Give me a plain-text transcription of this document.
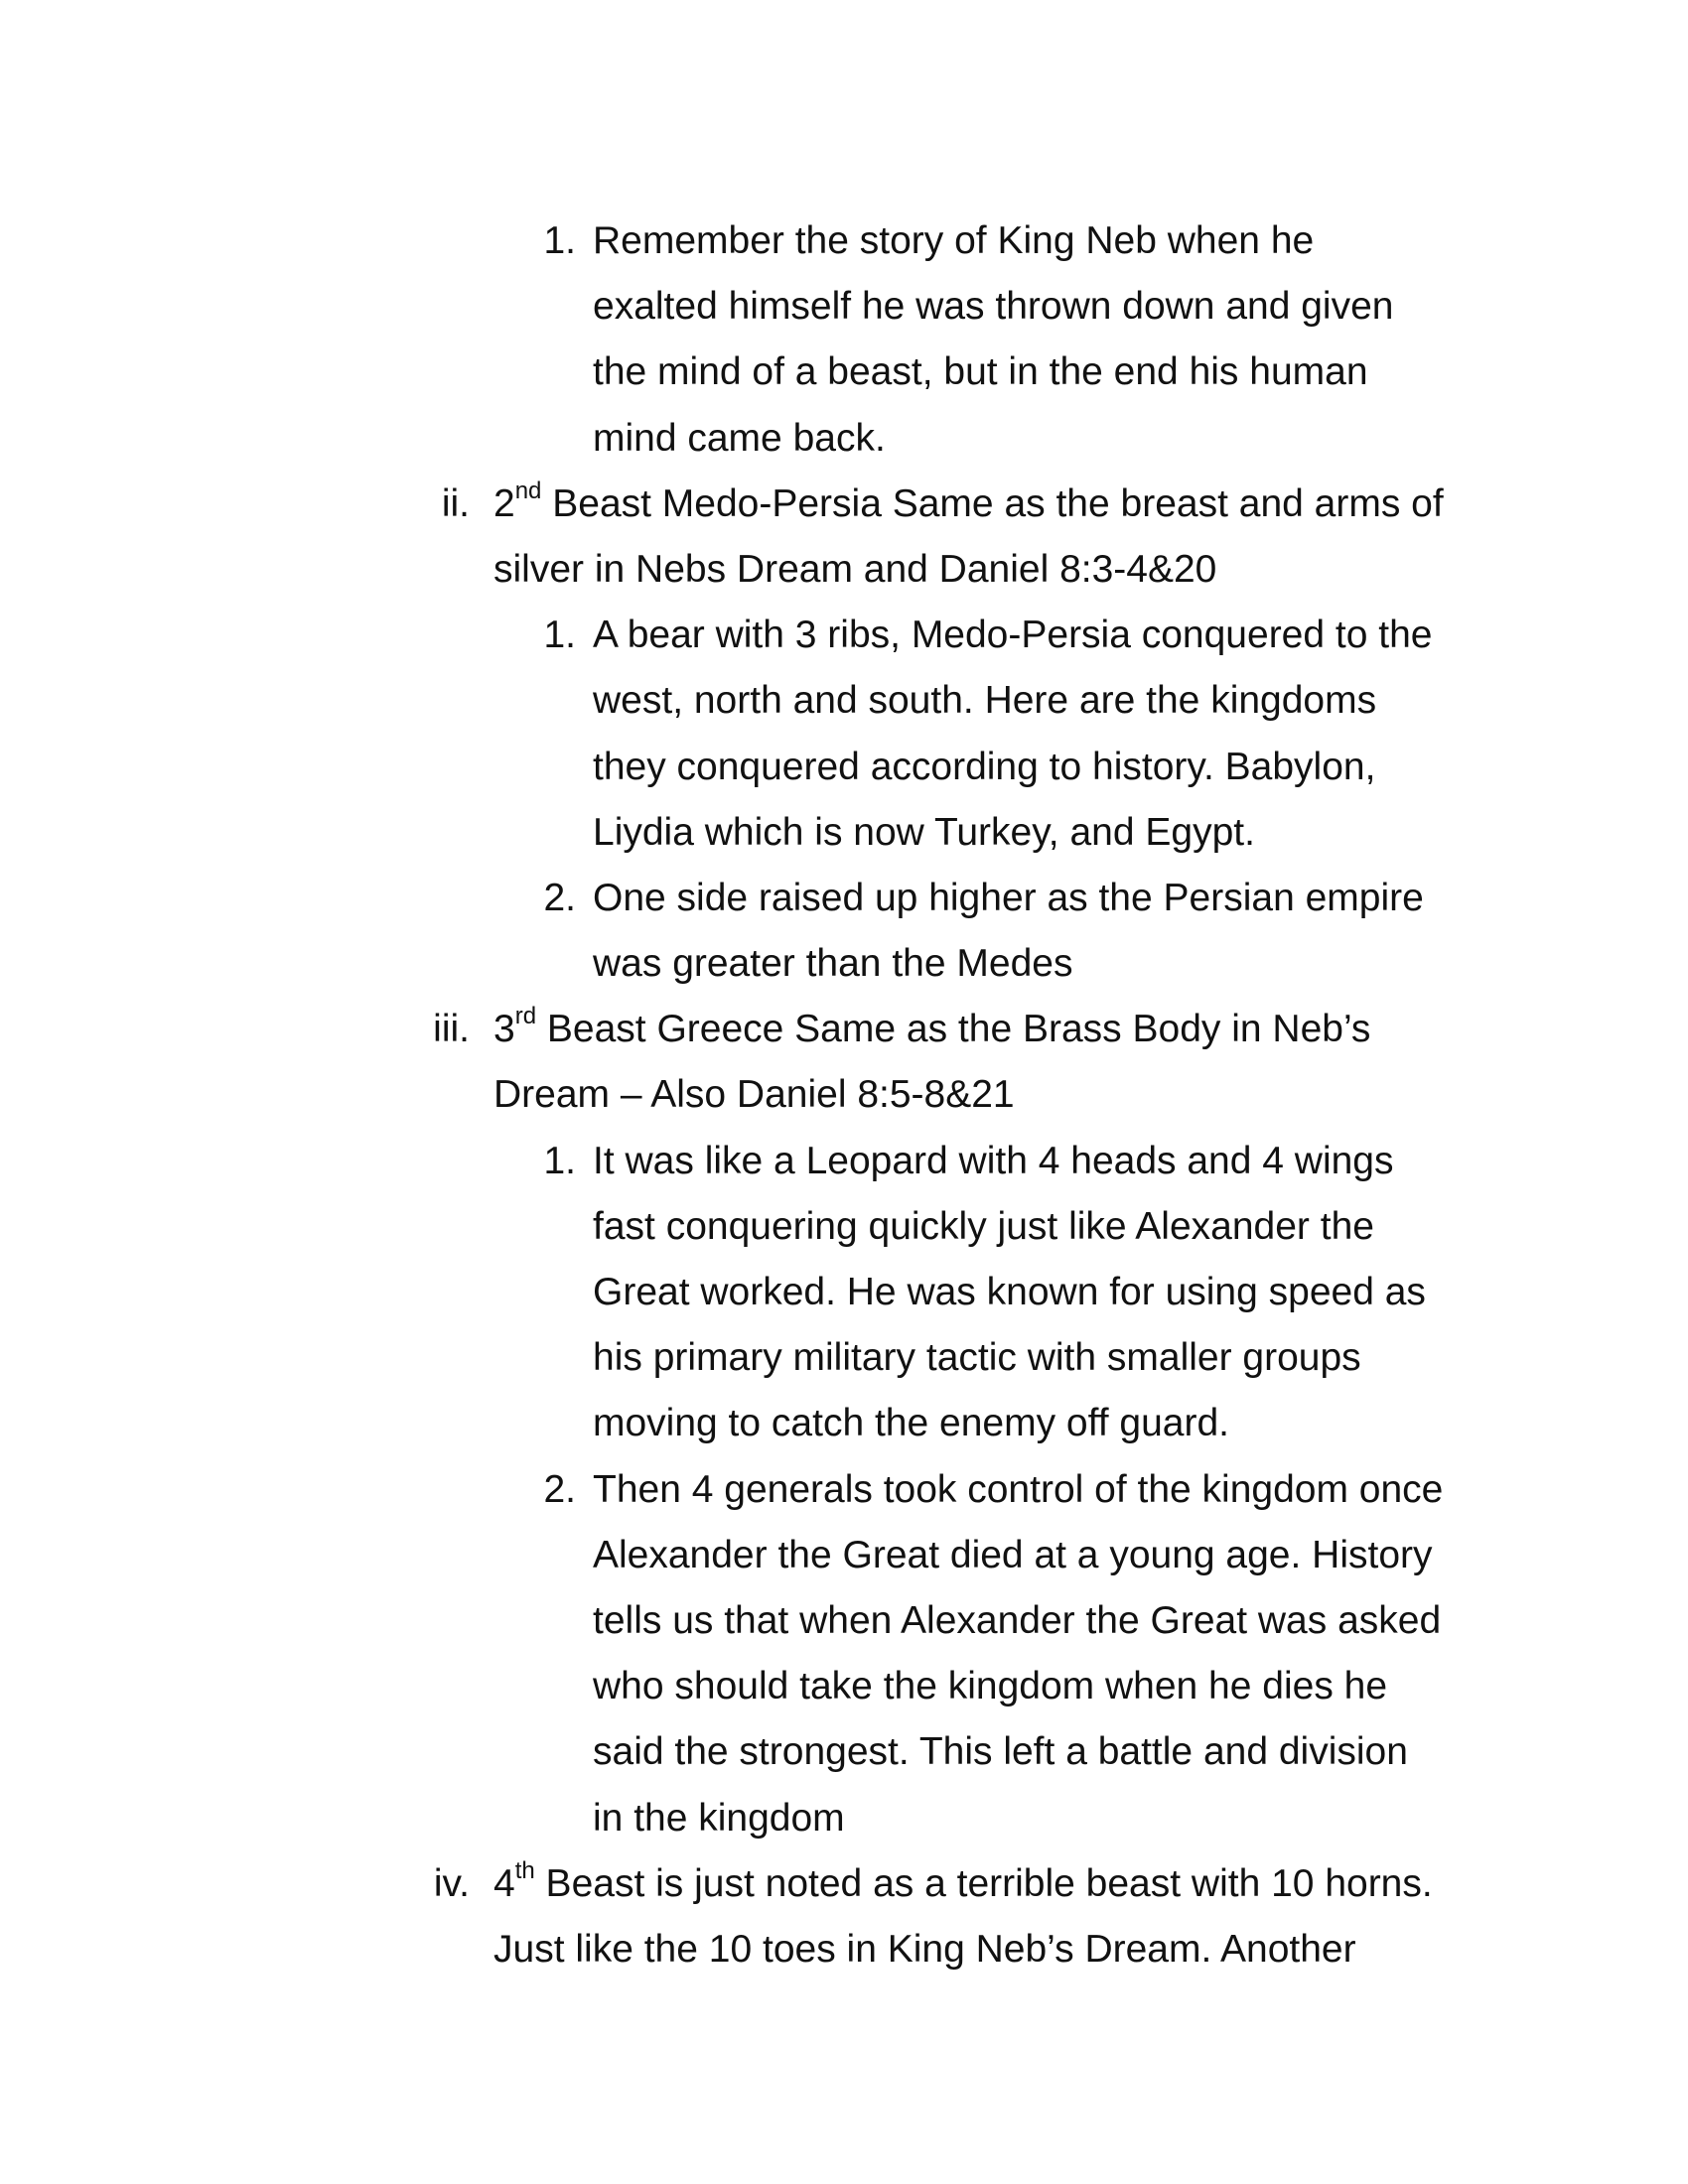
1. Remember the story of King Neb when he
exalted himself he was thrown down and given
the mind of a beast, but in the end his human
mind came back.
ii. 2nd Beast Medo-Persia Same as the breast and arms of
silver in Nebs Dream and Daniel 8:3-4&20
1. A bear with 3 ribs, Medo-Persia conquered to the
west, north and south. Here are the kingdoms
they conquered according to history. Babylon,
Liydia which is now Turkey, and Egypt.
2. One side raised up higher as the Persian empire
was greater than the Medes
iii. 3rd Beast Greece Same as the Brass Body in Neb’s
Dream – Also Daniel 8:5-8&21
1. It was like a Leopard with 4 heads and 4 wings
fast conquering quickly just like Alexander the
Great worked. He was known for using speed as
his primary military tactic with smaller groups
moving to catch the enemy off guard.
2. Then 4 generals took control of the kingdom once
Alexander the Great died at a young age. History
tells us that when Alexander the Great was asked
who should take the kingdom when he dies he
said the strongest. This left a battle and division
in the kingdom
iv. 4th Beast is just noted as a terrible beast with 10 horns.
Just like the 10 toes in King Neb’s Dream. Another
